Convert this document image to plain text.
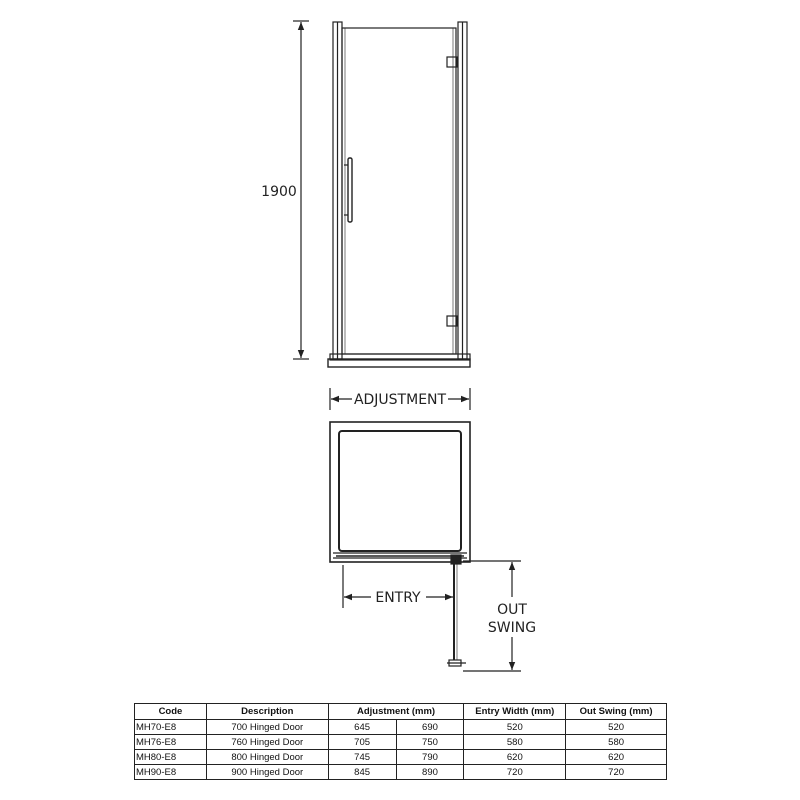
1900
ADJUSTMENT
ENTRY
OUT
SWING
Code	Description	Adjustment (mm)		Entry Width (mm)	Out Swing (mm)
MH70-E8	700 Hinged Door	645	690	520	520
MH76-E8	760 Hinged Door	705	750	580	580
MH80-E8	800 Hinged Door	745	790	620	620
MH90-E8	900 Hinged Door	845	890	720	720
